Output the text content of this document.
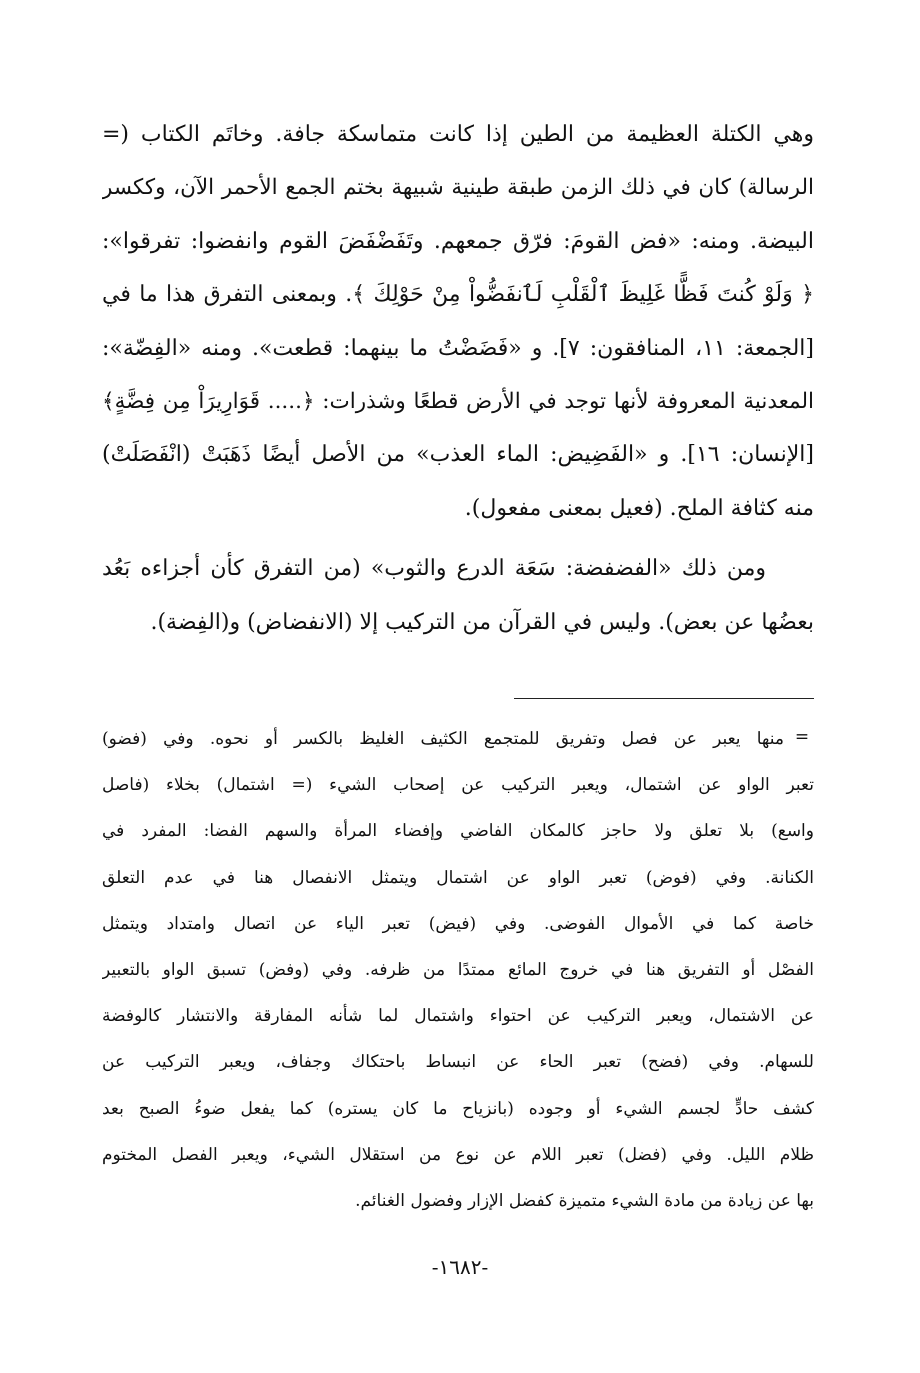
وهي الكتلة العظيمة من الطين إذا كانت متماسكة جافة. وخاتَم الكتاب (=
الرسالة) كان في ذلك الزمن طبقة طينية شبيهة بختم الجمع الأحمر الآن، وككسر
البيضة. ومنه: «فض القومَ: فرّق جمعهم. وتَفَضْفَضَ القوم وانفضوا: تفرقوا»:
﴿ وَلَوْ كُنتَ فَظًّا غَلِيظَ ٱلْقَلْبِ لَٱنفَضُّواْ مِنْ حَوْلِكَ ﴾. وبمعنى التفرق هذا ما في
[الجمعة: ١١، المنافقون: ٧]. و «فَضَضْتُ ما بينهما: قطعت». ومنه «الفِضّة»:
المعدنية المعروفة لأنها توجد في الأرض قطعًا وشذرات: ﴿..... قَوَارِيرَاْ مِن فِضَّةٍ﴾
[الإنسان: ١٦]. و «الفَضِيض: الماء العذب» من الأصل أيضًا ذَهَبَتْ (انْفَصَلَتْ)
منه كثافة الملح. (فعيل بمعنى مفعول).
ومن ذلك «الفضفضة: سَعَة الدرع والثوب» (من التفرق كأن أجزاءه بَعُد
بعضُها عن بعض). وليس في القرآن من التركيب إلا (الانفضاض) و(الفِضة).
=
منها يعبر عن فصل وتفريق للمتجمع الكثيف الغليظ بالكسر أو نحوه. وفي (فضو)
تعبر الواو عن اشتمال، ويعبر التركيب عن إصحاب الشيء (= اشتمال) بخلاء (فاصل
واسع) بلا تعلق ولا حاجز كالمكان الفاضي وإفضاء المرأة والسهم الفضا: المفرد في
الكنانة. وفي (فوض) تعبر الواو عن اشتمال ويتمثل الانفصال هنا في عدم التعلق
خاصة كما في الأموال الفوضى. وفي (فيض) تعبر الياء عن اتصال وامتداد ويتمثل
الفصْل أو التفريق هنا في خروج المائع ممتدًا من ظرفه. وفي (وفض) تسبق الواو بالتعبير
عن الاشتمال، ويعبر التركيب عن احتواء واشتمال لما شأنه المفارقة والانتشار كالوفضة
للسهام. وفي (فضح) تعبر الحاء عن انبساط باحتكاك وجفاف، ويعبر التركيب عن
كشف حادٍّ لجسم الشيء أو وجوده (بانزياح ما كان يستره) كما يفعل ضوءُ الصبح بعد
ظلام الليل. وفي (فضل) تعبر اللام عن نوع من استقلال الشيء، ويعبر الفصل المختوم
بها عن زيادة من مادة الشيء متميزة كفضل الإزار وفضول الغنائم.
-١٦٨٢-
